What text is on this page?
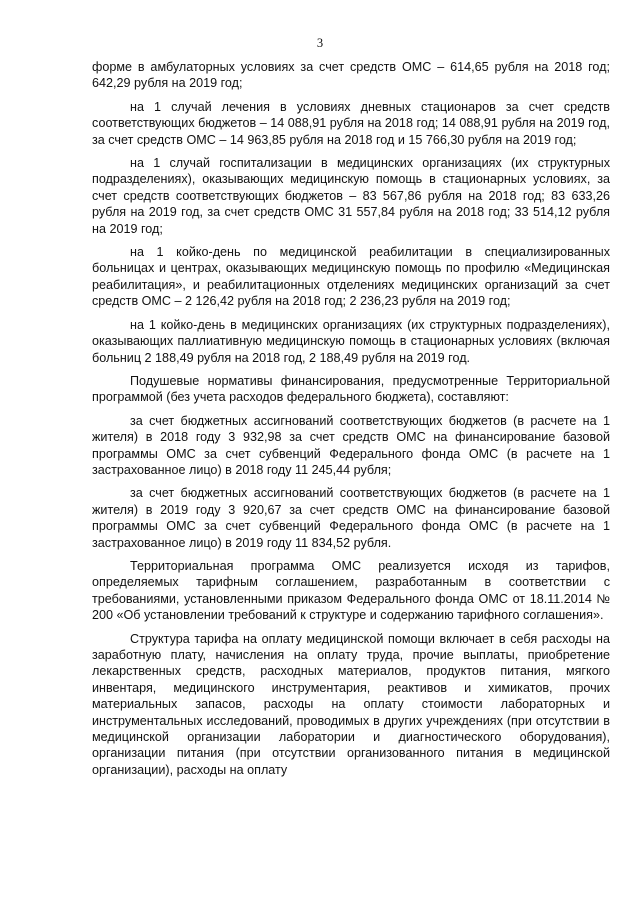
3

форме в амбулаторных условиях за счет средств ОМС – 614,65 рубля на 2018 год; 642,29 рубля на 2019 год;

на 1 случай лечения в условиях дневных стационаров за счет средств соответствующих бюджетов – 14 088,91 рубля на 2018 год; 14 088,91 рубля на 2019 год, за счет средств ОМС – 14 963,85 рубля на 2018 год и 15 766,30 рубля на 2019 год;

на 1 случай госпитализации в медицинских организациях (их структурных подразделениях), оказывающих медицинскую помощь в стационарных условиях, за счет средств соответствующих бюджетов – 83 567,86 рубля на 2018 год; 83 633,26 рубля на 2019 год, за счет средств ОМС 31 557,84 рубля на 2018 год; 33 514,12 рубля на 2019 год;

на 1 койко-день по медицинской реабилитации в специализированных больницах и центрах, оказывающих медицинскую помощь по профилю «Медицинская реабилитация», и реабилитационных отделениях медицинских организаций за счет средств ОМС – 2 126,42 рубля на 2018 год; 2 236,23 рубля на 2019 год;

на 1 койко-день в медицинских организациях (их структурных подразделениях), оказывающих паллиативную медицинскую помощь в стационарных условиях (включая больниц 2 188,49 рубля на 2018 год, 2 188,49 рубля на 2019 год.

Подушевые нормативы финансирования, предусмотренные Территориальной программой (без учета расходов федерального бюджета), составляют:

за счет бюджетных ассигнований соответствующих бюджетов (в расчете на 1 жителя) в 2018 году 3 932,98 за счет средств ОМС на финансирование базовой программы ОМС за счет субвенций Федерального фонда ОМС (в расчете на 1 застрахованное лицо) в 2018 году 11 245,44 рубля;

за счет бюджетных ассигнований соответствующих бюджетов (в расчете на 1 жителя) в 2019 году 3 920,67 за счет средств ОМС на финансирование базовой программы ОМС за счет субвенций Федерального фонда ОМС (в расчете на 1 застрахованное лицо) в 2019 году 11 834,52 рубля.

Территориальная программа ОМС реализуется исходя из тарифов, определяемых тарифным соглашением, разработанным в соответствии с требованиями, установленными приказом Федерального фонда ОМС от 18.11.2014 № 200 «Об установлении требований к структуре и содержанию тарифного соглашения».

Структура тарифа на оплату медицинской помощи включает в себя расходы на заработную плату, начисления на оплату труда, прочие выплаты, приобретение лекарственных средств, расходных материалов, продуктов питания, мягкого инвентаря, медицинского инструментария, реактивов и химикатов, прочих материальных запасов, расходы на оплату стоимости лабораторных и инструментальных исследований, проводимых в других учреждениях (при отсутствии в медицинской организации лаборатории и диагностического оборудования), организации питания (при отсутствии организованного питания в медицинской организации), расходы на оплату
